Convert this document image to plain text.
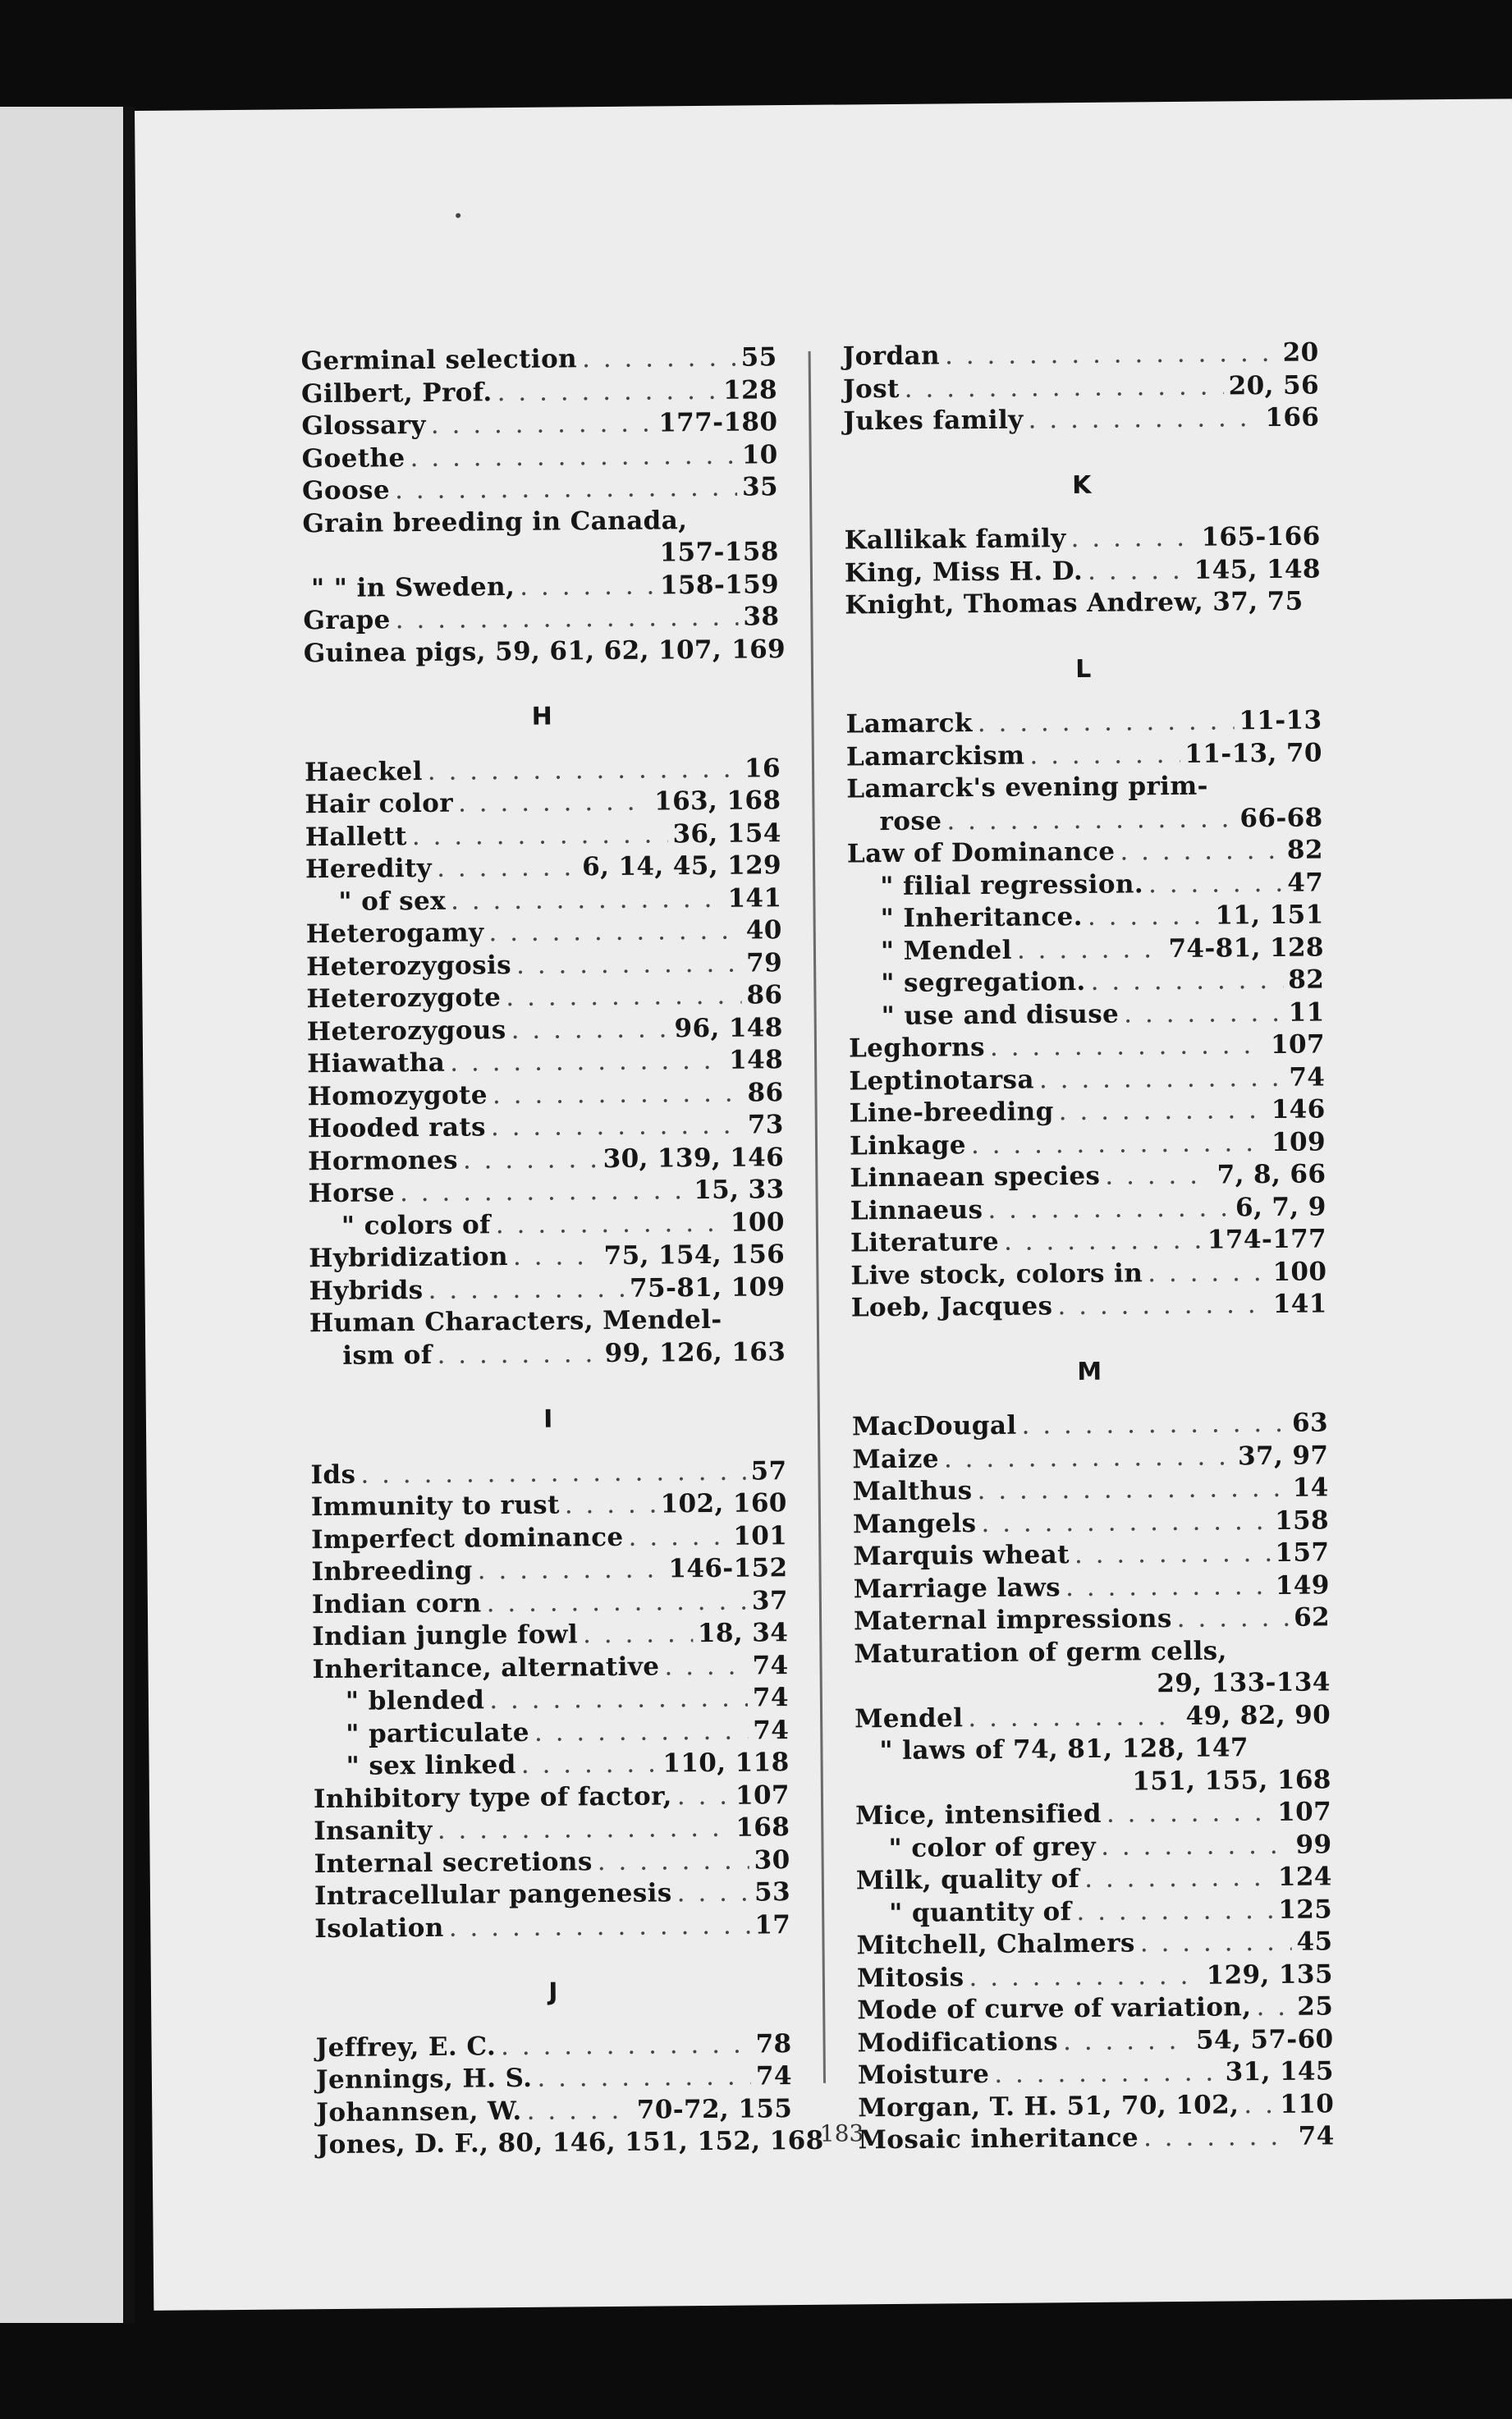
Germinal selection . . .	55
Gilbert, Prof. . . .	128
Glossary . . .	177-180
Goethe . . .	10
Goose . . .	35
Grain breeding in Canada,
157-158
" " in Sweden, . . .	158-159
Grape . . .	38
Guinea pigs, 59, 61, 62, 107, . . . 169
H
Haeckel . . .	16
Hair color . . .	163, 168
Hallett . . .	36, 154
Heredity . . .	6, 14, 45, 129
" of sex . . .	141
Heterogamy . . .	40
Heterozygosis . . .	79
Heterozygote . . .	86
Heterozygous . . .	96, 148
Hiawatha . . .	148
Homozygote . . .	86
Hooded rats . . .	73
Hormones . . .	30, 139, 146
Horse . . .	15, 33
" colors of . . .	100
Hybridization . . .	75, 154, 156
Hybrids . . .	75-81, 109
Human Characters, Mendel-
ism of . . .	99, 126, 163
I
Ids . . .	57
Immunity to rust . . .	102, 160
Imperfect dominance . . .	101
Inbreeding . . .	146-152
Indian corn . . .	37
Indian jungle fowl . . .	18, 34
Inheritance, alternative . . .	74
" blended . . .	74
" particulate . . .	74
" sex linked . . .	110, 118
Inhibitory type of factor, . . . 107
Insanity . . .	168
Internal secretions . . .	30
Intracellular pangenesis . . .	53
Isolation . . .	17
J
Jeffrey, E. C. . . .	78
Jennings, H. S. . . .	74
Johannsen, W. . . .	70-72, 155
Jones, D. F., 80, 146, 151, 152, 168
Jordan . . .	20
Jost . . .	20, 56
Jukes family . . .	166
K
Kallikak family . . .	165-166
King, Miss H. D. . . .	145, 148
Knight, Thomas Andrew, 37, 75
L
Lamarck . . .	11-13
Lamarckism . . .	11-13, 70
Lamarck's evening prim-
rose . . .	66-68
Law of Dominance . . .	82
" filial regression. . . .	47
" Inheritance. . . .	11, 151
" Mendel . . .	74-81, 128
" segregation. . . .	82
" use and disuse . . .	11
Leghorns . . .	107
Leptinotarsa . . .	74
Line-breeding . . .	146
Linkage . . .	109
Linnaean species . . .	7, 8, 66
Linnaeus . . .	6, 7, 9
Literature . . .	174-177
Live stock, colors in . . .	100
Loeb, Jacques . . .	141
M
MacDougal . . .	63
Maize . . .	37, 97
Malthus . . .	14
Mangels . . .	158
Marquis wheat . . .	157
Marriage laws . . .	149
Maternal impressions . . .	62
Maturation of germ cells,
29, 133-134
Mendel . . .	49, 82, 90
" laws of 74, 81, 128, 147
151, 155, 168
Mice, intensified . . .	107
" color of grey . . .	99
Milk, quality of . . .	124
" quantity of . . .	125
Mitchell, Chalmers . . .	45
Mitosis . . .	129, 135
Mode of curve of variation, . . . 25
Modifications . . .	54, 57-60
Moisture . . .	31, 145
Morgan, T. H. 51, 70, 102, . . . 110
Mosaic inheritance . . .	74
183
